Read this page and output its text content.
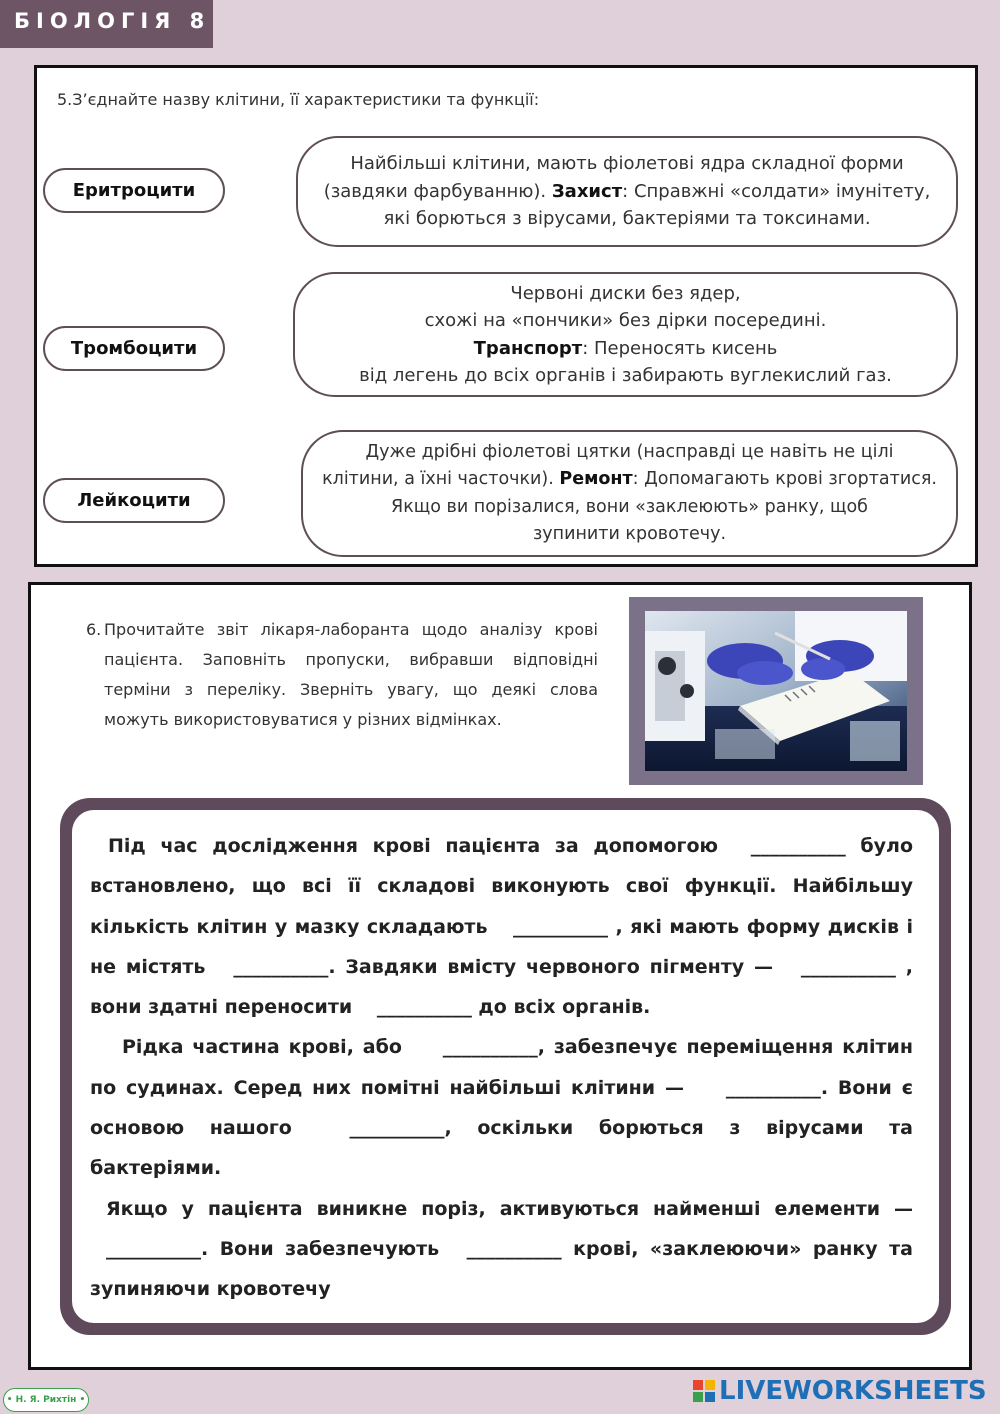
БІОЛОГІЯ 8
5.З’єднайте назву клітини, її характеристики та функції:
Еритроцити
Тромбоцити
Лейкоцити
Найбільші клітини, мають фіолетові ядра складної форми
(завдяки фарбуванню). Захист: Справжні «солдати» імунітету,
які борються з вірусами, бактеріями та токсинами.
Червоні диски без ядер,
схожі на «пончики» без дірки посередині.
Транспорт: Переносять кисень
від легень до всіх органів і забирають вуглекислий газ.
Дуже дрібні фіолетові цятки (насправді це навіть не цілі
клітини, а їхні часточки). Ремонт: Допомагають крові згортатися.
Якщо ви порізалися, вони «заклеюють» ранку, щоб
зупинити кровотечу.
6. Прочитайте звіт лікаря-лаборанта щодо аналізу крові пацієнта. Заповніть пропуски, вибравши відповідні терміни з переліку. Зверніть увагу, що деякі слова можуть використовуватися у різних відмінках.

Під час дослідження крові пацієнта за допомогою __________ було встановлено, що всі її складові виконують свої функції. Найбільшу кількість клітин у мазку складають __________ , які мають форму дисків і не містять __________. Завдяки вмісту червоного пігменту — __________ , вони здатні переносити __________ до всіх органів.

Рідка частина крові, або __________, забезпечує переміщення клітин по судинах. Серед них помітні найбільші клітини — __________. Вони є основою нашого __________, оскільки борються з вірусами та бактеріями.

Якщо у пацієнта виникне поріз, активуються найменші елементи — __________. Вони забезпечують __________ крові, «заклеюючи» ранку та зупиняючи кровотечу

• Н. Я. Рихтін •	LIVEWORKSHEETS
